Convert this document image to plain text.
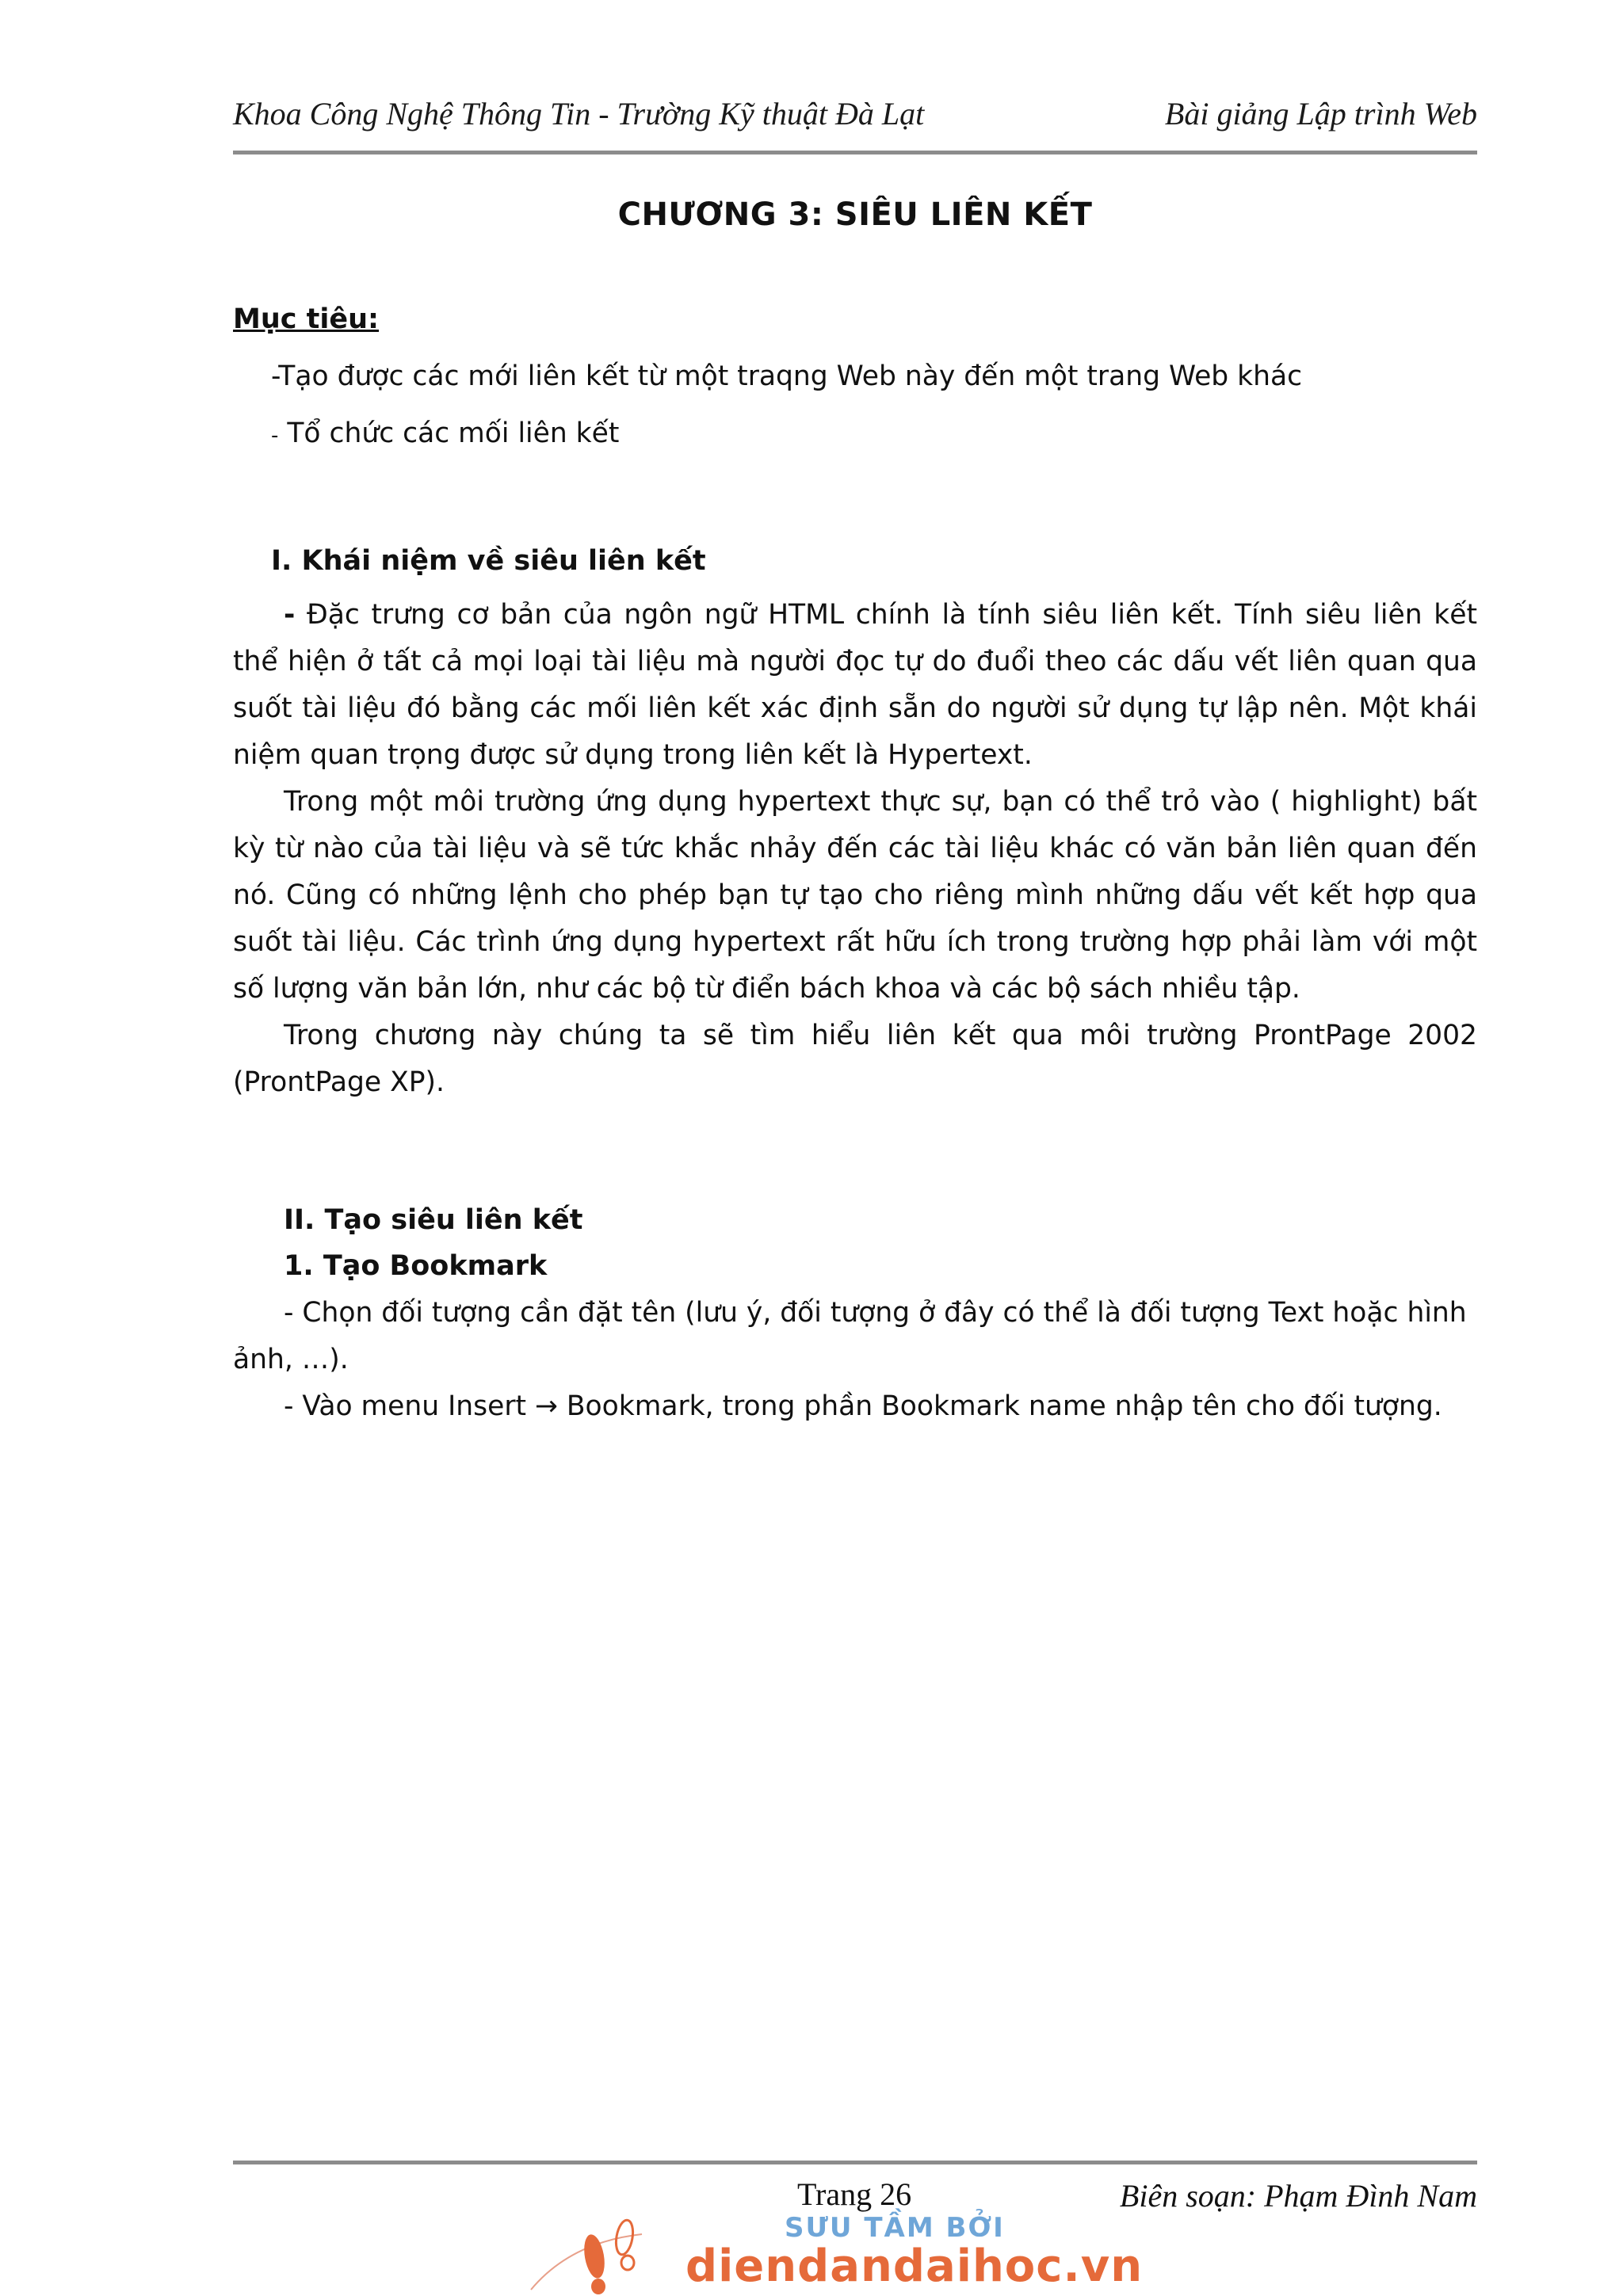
Khoa Công Nghệ Thông Tin - Trường Kỹ thuật Đà Lạt	Bài giảng Lập trình Web
CHƯƠNG 3: SIÊU LIÊN KẾT
Mục tiêu:
-Tạo được các mới liên kết từ một traqng Web này đến một trang Web khác
- Tổ chức các mối liên kết
I. Khái niệm về siêu liên kết

- Đặc trưng cơ bản của ngôn ngữ HTML chính là tính siêu liên kết. Tính siêu liên kết thể hiện ở tất cả mọi loại tài liệu mà người đọc tự do đuổi theo các dấu vết liên quan qua suốt tài liệu đó bằng các mối liên kết xác định sẵn do người sử dụng tự lập nên. Một khái niệm quan trọng được sử dụng trong liên kết là Hypertext.

Trong một môi trường ứng dụng hypertext thực sự, bạn có thể trỏ vào ( highlight) bất kỳ từ nào của tài liệu và sẽ tức khắc nhảy đến các tài liệu khác có văn bản liên quan đến nó. Cũng có những lệnh cho phép bạn tự tạo cho riêng mình những dấu vết kết hợp qua suốt tài liệu. Các trình ứng dụng hypertext rất hữu ích trong trường hợp phải làm với một số lượng văn bản lớn, như các bộ từ điển bách khoa và các bộ sách nhiều tập.

Trong chương này chúng ta sẽ tìm hiểu liên kết qua môi trường ProntPage 2002 (ProntPage XP).

II. Tạo siêu liên kết
1. Tạo Bookmark

- Chọn đối tượng cần đặt tên (lưu ý, đối tượng ở đây có thể là đối tượng Text hoặc hình ảnh, …).

- Vào menu Insert → Bookmark, trong phần Bookmark name nhập tên cho đối tượng.

Trang 26	Biên soạn: Phạm Đình Nam
SƯU TẦM BỞI
diendandaihoc.vn
